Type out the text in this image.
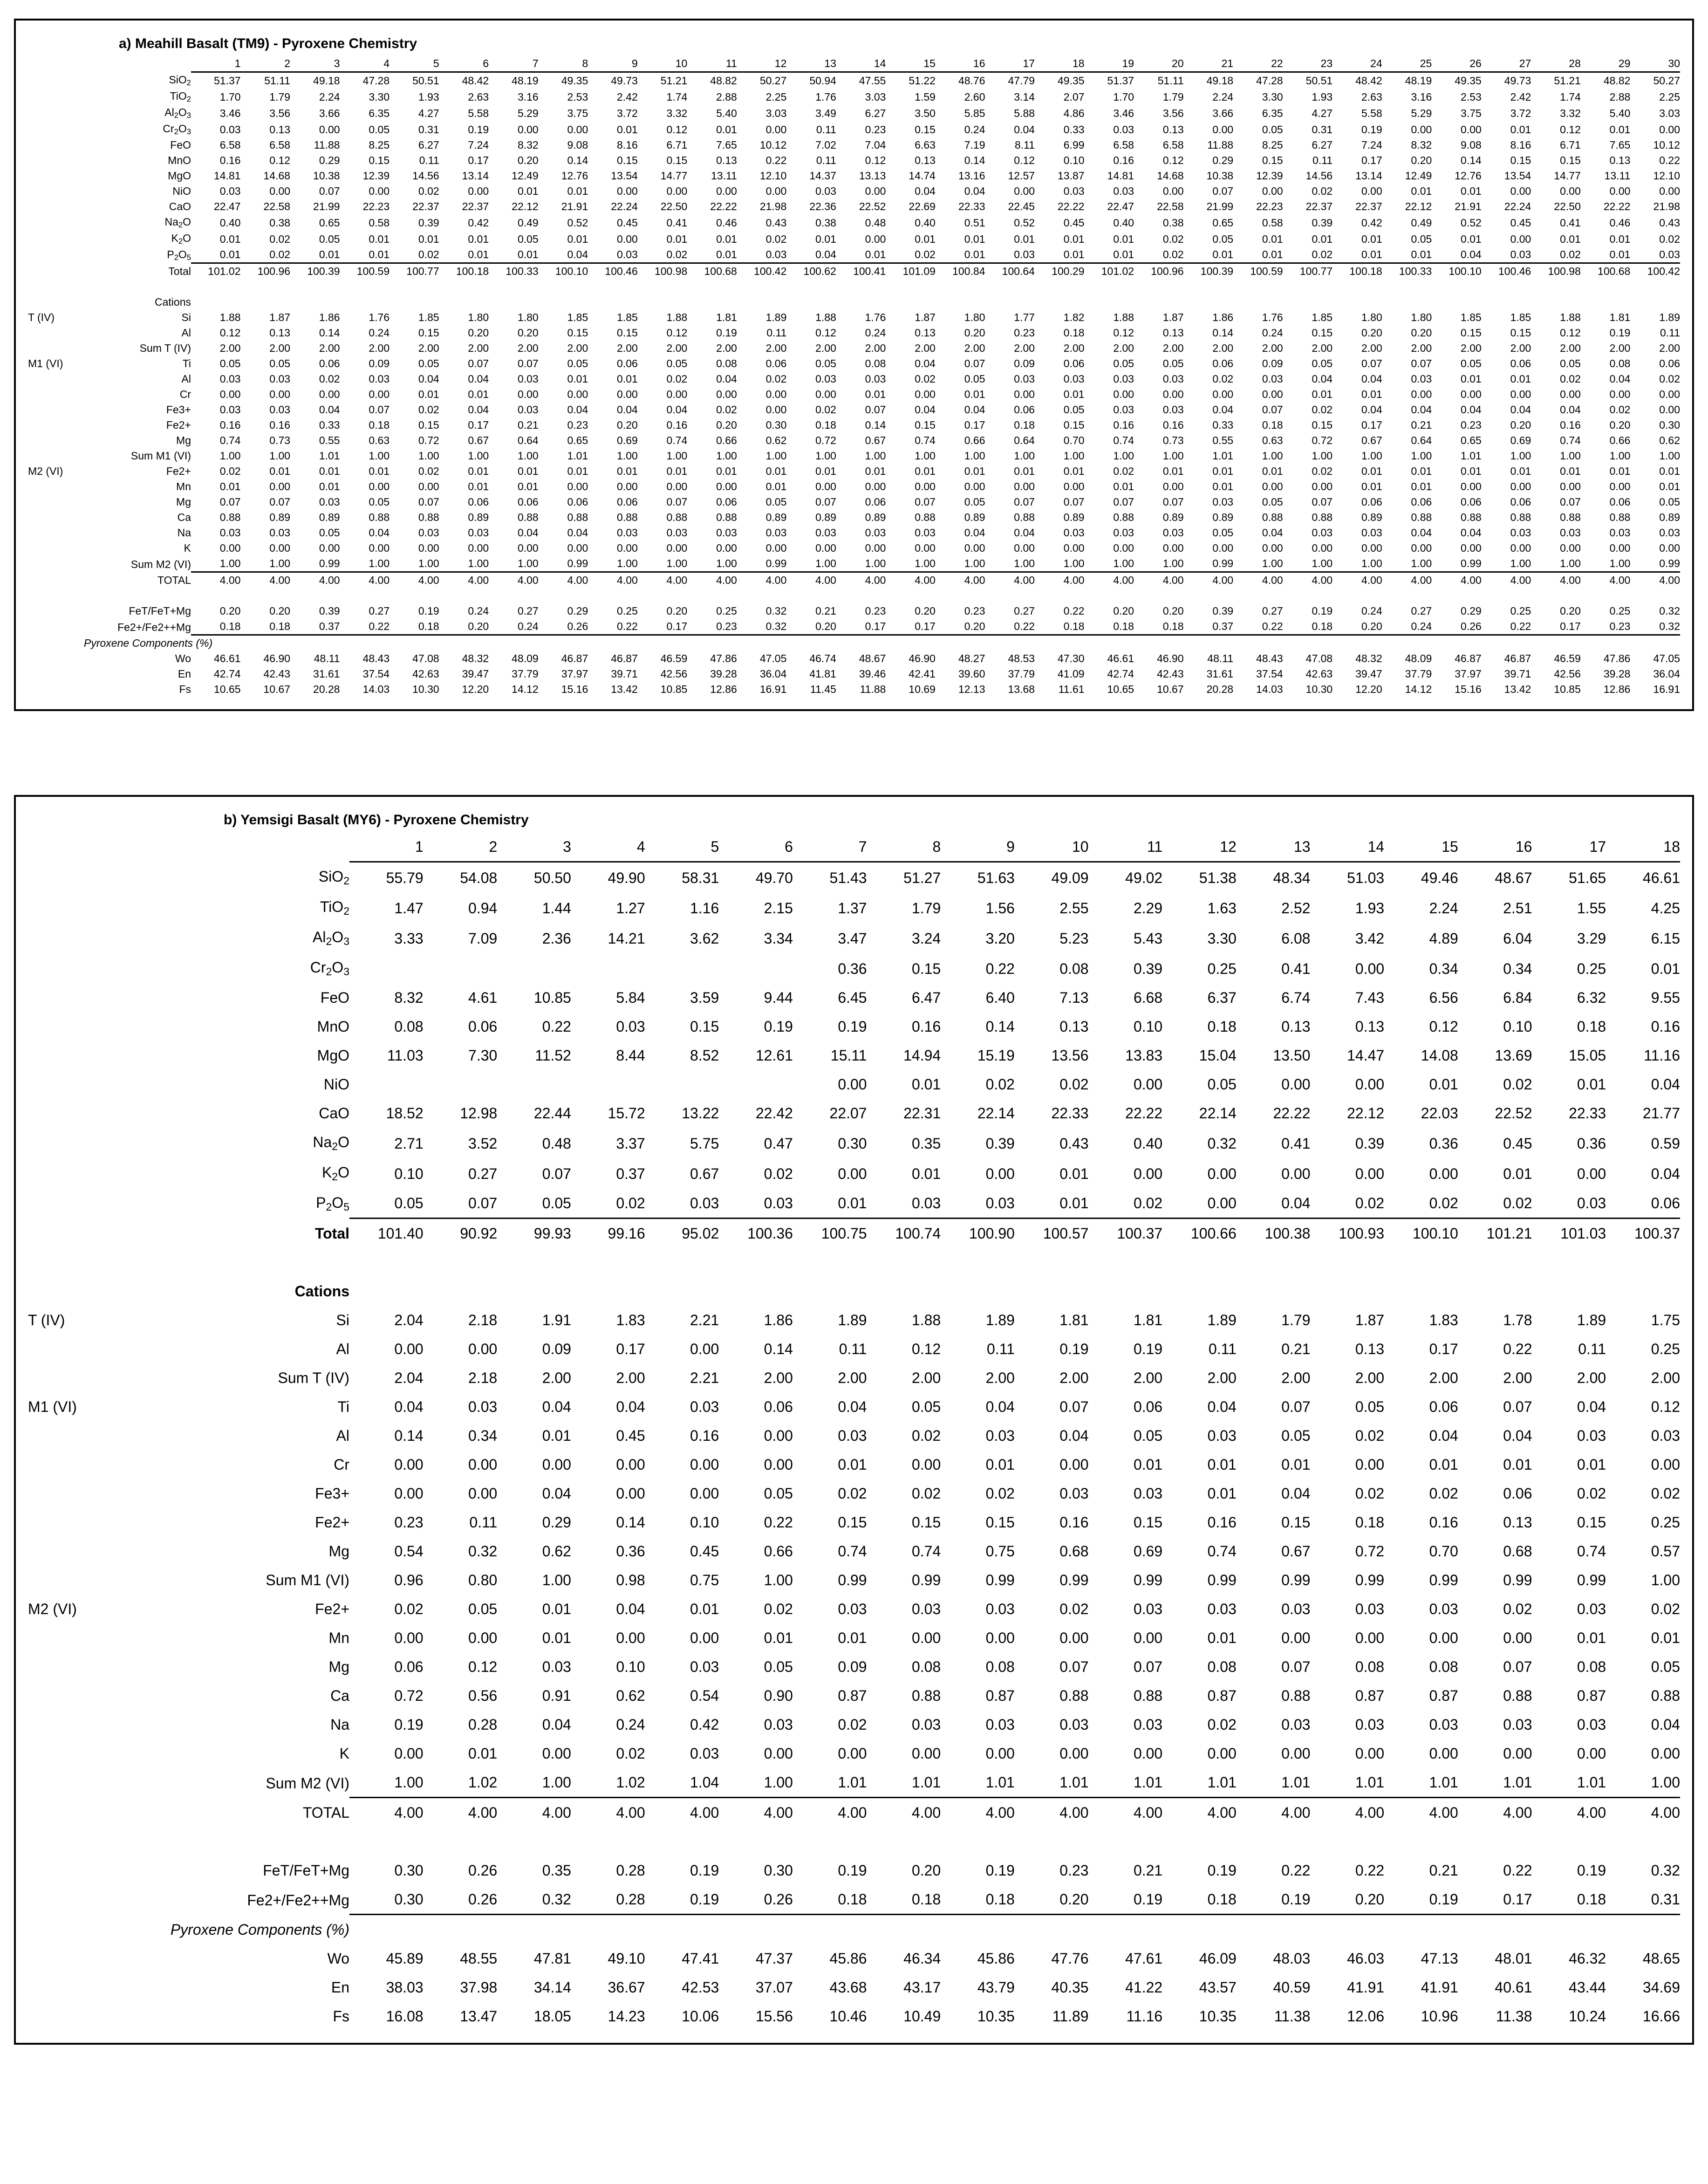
a) Meahill Basalt (TM9) - Pyroxene Chemistry
		1	2	3	4	5	6	7	8	9	10	11	12	13	14	15	16	17	18	19	20	21	22	23	24	25	26	27	28	29	30
	SiO$_2$	51.37	51.11	49.18	47.28	50.51	48.42	48.19	49.35	49.73	51.21	48.82	50.27	50.94	47.55	51.22	48.76	47.79	49.35	51.37	51.11	49.18	47.28	50.51	48.42	48.19	49.35	49.73	51.21	48.82	50.27
	TiO$_2$	1.70	1.79	2.24	3.30	1.93	2.63	3.16	2.53	2.42	1.74	2.88	2.25	1.76	3.03	1.59	2.60	3.14	2.07	1.70	1.79	2.24	3.30	1.93	2.63	3.16	2.53	2.42	1.74	2.88	2.25
	$Al_2O_3$	3.46	3.56	3.66	6.35	4.27	5.58	5.29	3.75	3.72	3.32	5.40	3.03	3.49	6.27	3.50	5.85	5.88	4.86	3.46	3.56	3.66	6.35	4.27	5.58	5.29	3.75	3.72	3.32	5.40	3.03
	$Cr_2O_3$	0.03	0.13	0.00	0.05	0.31	0.19	0.00	0.00	0.01	0.12	0.01	0.00	0.11	0.23	0.15	0.24	0.04	0.33	0.03	0.13	0.00	0.05	0.31	0.19	0.00	0.00	0.01	0.12	0.01	0.00
	FeO	6.58	6.58	11.88	8.25	6.27	7.24	8.32	9.08	8.16	6.71	7.65	10.12	7.02	7.04	6.63	7.19	8.11	6.99	6.58	6.58	11.88	8.25	6.27	7.24	8.32	9.08	8.16	6.71	7.65	10.12
	MnO	0.16	0.12	0.29	0.15	0.11	0.17	0.20	0.14	0.15	0.15	0.13	0.22	0.11	0.12	0.13	0.14	0.12	0.10	0.16	0.12	0.29	0.15	0.11	0.17	0.20	0.14	0.15	0.15	0.13	0.22
	MgO	14.81	14.68	10.38	12.39	14.56	13.14	12.49	12.76	13.54	14.77	13.11	12.10	14.37	13.13	14.74	13.16	12.57	13.87	14.81	14.68	10.38	12.39	14.56	13.14	12.49	12.76	13.54	14.77	13.11	12.10
	NiO	0.03	0.00	0.07	0.00	0.02	0.00	0.01	0.01	0.00	0.00	0.00	0.00	0.03	0.00	0.04	0.04	0.00	0.03	0.03	0.00	0.07	0.00	0.02	0.00	0.01	0.01	0.00	0.00	0.00	0.00
	CaO	22.47	22.58	21.99	22.23	22.37	22.37	22.12	21.91	22.24	22.50	22.22	21.98	22.36	22.52	22.69	22.33	22.45	22.22	22.47	22.58	21.99	22.23	22.37	22.37	22.12	21.91	22.24	22.50	22.22	21.98
	$Na_2O$	0.40	0.38	0.65	0.58	0.39	0.42	0.49	0.52	0.45	0.41	0.46	0.43	0.38	0.48	0.40	0.51	0.52	0.45	0.40	0.38	0.65	0.58	0.39	0.42	0.49	0.52	0.45	0.41	0.46	0.43
	$K_2O$	0.01	0.02	0.05	0.01	0.01	0.01	0.05	0.01	0.00	0.01	0.01	0.02	0.01	0.00	0.01	0.01	0.01	0.01	0.01	0.02	0.05	0.01	0.01	0.01	0.05	0.01	0.00	0.01	0.01	0.02
	$P_2O_5$	0.01	0.02	0.01	0.01	0.02	0.01	0.01	0.04	0.03	0.02	0.01	0.03	0.04	0.01	0.02	0.01	0.03	0.01	0.01	0.02	0.01	0.01	0.02	0.01	0.01	0.04	0.03	0.02	0.01	0.03
	Total	101.02	100.96	100.39	100.59	100.77	100.18	100.33	100.10	100.46	100.98	100.68	100.42	100.62	100.41	101.09	100.84	100.64	100.29	101.02	100.96	100.39	100.59	100.77	100.18	100.33	100.10	100.46	100.98	100.68	100.42

	Cations																														
T (IV)	Si	1.88	1.87	1.86	1.76	1.85	1.80	1.80	1.85	1.85	1.88	1.81	1.89	1.88	1.76	1.87	1.80	1.77	1.82	1.88	1.87	1.86	1.76	1.85	1.80	1.80	1.85	1.85	1.88	1.81	1.89
	Al	0.12	0.13	0.14	0.24	0.15	0.20	0.20	0.15	0.15	0.12	0.19	0.11	0.12	0.24	0.13	0.20	0.23	0.18	0.12	0.13	0.14	0.24	0.15	0.20	0.20	0.15	0.15	0.12	0.19	0.11
	Sum T (IV)	2.00	2.00	2.00	2.00	2.00	2.00	2.00	2.00	2.00	2.00	2.00	2.00	2.00	2.00	2.00	2.00	2.00	2.00	2.00	2.00	2.00	2.00	2.00	2.00	2.00	2.00	2.00	2.00	2.00	2.00
M1 (VI)	Ti	0.05	0.05	0.06	0.09	0.05	0.07	0.07	0.05	0.06	0.05	0.08	0.06	0.05	0.08	0.04	0.07	0.09	0.06	0.05	0.05	0.06	0.09	0.05	0.07	0.07	0.05	0.06	0.05	0.08	0.06
	Al	0.03	0.03	0.02	0.03	0.04	0.04	0.03	0.01	0.01	0.02	0.04	0.02	0.03	0.03	0.02	0.05	0.03	0.03	0.03	0.03	0.02	0.03	0.04	0.04	0.03	0.01	0.01	0.02	0.04	0.02
	Cr	0.00	0.00	0.00	0.00	0.01	0.01	0.00	0.00	0.00	0.00	0.00	0.00	0.00	0.01	0.00	0.01	0.00	0.01	0.00	0.00	0.00	0.00	0.01	0.01	0.00	0.00	0.00	0.00	0.00	0.00
	Fe3+	0.03	0.03	0.04	0.07	0.02	0.04	0.03	0.04	0.04	0.04	0.02	0.00	0.02	0.07	0.04	0.04	0.06	0.05	0.03	0.03	0.04	0.07	0.02	0.04	0.04	0.04	0.04	0.04	0.02	0.00
	Fe2+	0.16	0.16	0.33	0.18	0.15	0.17	0.21	0.23	0.20	0.16	0.20	0.30	0.18	0.14	0.15	0.17	0.18	0.15	0.16	0.16	0.33	0.18	0.15	0.17	0.21	0.23	0.20	0.16	0.20	0.30
	Mg	0.74	0.73	0.55	0.63	0.72	0.67	0.64	0.65	0.69	0.74	0.66	0.62	0.72	0.67	0.74	0.66	0.64	0.70	0.74	0.73	0.55	0.63	0.72	0.67	0.64	0.65	0.69	0.74	0.66	0.62
	Sum M1 (VI)	1.00	1.00	1.01	1.00	1.00	1.00	1.00	1.01	1.00	1.00	1.00	1.00	1.00	1.00	1.00	1.00	1.00	1.00	1.00	1.00	1.01	1.00	1.00	1.00	1.00	1.01	1.00	1.00	1.00	1.00
M2 (VI)	Fe2+	0.02	0.01	0.01	0.01	0.02	0.01	0.01	0.01	0.01	0.01	0.01	0.01	0.01	0.01	0.01	0.01	0.01	0.01	0.02	0.01	0.01	0.01	0.02	0.01	0.01	0.01	0.01	0.01	0.01	0.01
	Mn	0.01	0.00	0.01	0.00	0.00	0.01	0.01	0.00	0.00	0.00	0.00	0.01	0.00	0.00	0.00	0.00	0.00	0.00	0.01	0.00	0.01	0.00	0.00	0.01	0.01	0.00	0.00	0.00	0.00	0.01
	Mg	0.07	0.07	0.03	0.05	0.07	0.06	0.06	0.06	0.06	0.07	0.06	0.05	0.07	0.06	0.07	0.05	0.07	0.07	0.07	0.07	0.03	0.05	0.07	0.06	0.06	0.06	0.06	0.07	0.06	0.05
	Ca	0.88	0.89	0.89	0.88	0.88	0.89	0.88	0.88	0.88	0.88	0.88	0.89	0.89	0.89	0.88	0.89	0.88	0.89	0.88	0.89	0.89	0.88	0.88	0.89	0.88	0.88	0.88	0.88	0.88	0.89
	Na	0.03	0.03	0.05	0.04	0.03	0.03	0.04	0.04	0.03	0.03	0.03	0.03	0.03	0.03	0.03	0.04	0.04	0.03	0.03	0.03	0.05	0.04	0.03	0.03	0.04	0.04	0.03	0.03	0.03	0.03
	K	0.00	0.00	0.00	0.00	0.00	0.00	0.00	0.00	0.00	0.00	0.00	0.00	0.00	0.00	0.00	0.00	0.00	0.00	0.00	0.00	0.00	0.00	0.00	0.00	0.00	0.00	0.00	0.00	0.00	0.00
	Sum M2 (VI)	1.00	1.00	0.99	1.00	1.00	1.00	1.00	0.99	1.00	1.00	1.00	0.99	1.00	1.00	1.00	1.00	1.00	1.00	1.00	1.00	0.99	1.00	1.00	1.00	1.00	0.99	1.00	1.00	1.00	0.99
	TOTAL	4.00	4.00	4.00	4.00	4.00	4.00	4.00	4.00	4.00	4.00	4.00	4.00	4.00	4.00	4.00	4.00	4.00	4.00	4.00	4.00	4.00	4.00	4.00	4.00	4.00	4.00	4.00	4.00	4.00	4.00

	FeT/FeT+Mg	0.20	0.20	0.39	0.27	0.19	0.24	0.27	0.29	0.25	0.20	0.25	0.32	0.21	0.23	0.20	0.23	0.27	0.22	0.20	0.20	0.39	0.27	0.19	0.24	0.27	0.29	0.25	0.20	0.25	0.32
	Fe2+/Fe2++Mg	0.18	0.18	0.37	0.22	0.18	0.20	0.24	0.26	0.22	0.17	0.23	0.32	0.20	0.17	0.17	0.20	0.22	0.18	0.18	0.18	0.37	0.22	0.18	0.20	0.24	0.26	0.22	0.17	0.23	0.32
	Pyroxene Components (%)																														
	Wo	46.61	46.90	48.11	48.43	47.08	48.32	48.09	46.87	46.87	46.59	47.86	47.05	46.74	48.67	46.90	48.27	48.53	47.30	46.61	46.90	48.11	48.43	47.08	48.32	48.09	46.87	46.87	46.59	47.86	47.05
	En	42.74	42.43	31.61	37.54	42.63	39.47	37.79	37.97	39.71	42.56	39.28	36.04	41.81	39.46	42.41	39.60	37.79	41.09	42.74	42.43	31.61	37.54	42.63	39.47	37.79	37.97	39.71	42.56	39.28	36.04
	Fs	10.65	10.67	20.28	14.03	10.30	12.20	14.12	15.16	13.42	10.85	12.86	16.91	11.45	11.88	10.69	12.13	13.68	11.61	10.65	10.67	20.28	14.03	10.30	12.20	14.12	15.16	13.42	10.85	12.86	16.91
b) Yemsigi Basalt (MY6) - Pyroxene Chemistry
		1	2	3	4	5	6	7	8	9	10	11	12	13	14	15	16	17	18
	SiO$_2$	55.79	54.08	50.50	49.90	58.31	49.70	51.43	51.27	51.63	49.09	49.02	51.38	48.34	51.03	49.46	48.67	51.65	46.61
	TiO$_2$	1.47	0.94	1.44	1.27	1.16	2.15	1.37	1.79	1.56	2.55	2.29	1.63	2.52	1.93	2.24	2.51	1.55	4.25
	$Al_2O_3$	3.33	7.09	2.36	14.21	3.62	3.34	3.47	3.24	3.20	5.23	5.43	3.30	6.08	3.42	4.89	6.04	3.29	6.15
	$Cr_2O_3$							0.36	0.15	0.22	0.08	0.39	0.25	0.41	0.00	0.34	0.34	0.25	0.01
	FeO	8.32	4.61	10.85	5.84	3.59	9.44	6.45	6.47	6.40	7.13	6.68	6.37	6.74	7.43	6.56	6.84	6.32	9.55
	MnO	0.08	0.06	0.22	0.03	0.15	0.19	0.19	0.16	0.14	0.13	0.10	0.18	0.13	0.13	0.12	0.10	0.18	0.16
	MgO	11.03	7.30	11.52	8.44	8.52	12.61	15.11	14.94	15.19	13.56	13.83	15.04	13.50	14.47	14.08	13.69	15.05	11.16
	NiO							0.00	0.01	0.02	0.02	0.00	0.05	0.00	0.00	0.01	0.02	0.01	0.04
	CaO	18.52	12.98	22.44	15.72	13.22	22.42	22.07	22.31	22.14	22.33	22.22	22.14	22.22	22.12	22.03	22.52	22.33	21.77
	$Na_2O$	2.71	3.52	0.48	3.37	5.75	0.47	0.30	0.35	0.39	0.43	0.40	0.32	0.41	0.39	0.36	0.45	0.36	0.59
	$K_2O$	0.10	0.27	0.07	0.37	0.67	0.02	0.00	0.01	0.00	0.01	0.00	0.00	0.00	0.00	0.00	0.01	0.00	0.04
	$P_2O_5$	0.05	0.07	0.05	0.02	0.03	0.03	0.01	0.03	0.03	0.01	0.02	0.00	0.04	0.02	0.02	0.02	0.03	0.06
	Total	101.40	90.92	99.93	99.16	95.02	100.36	100.75	100.74	100.90	100.57	100.37	100.66	100.38	100.93	100.10	101.21	101.03	100.37

	Cations																		
T (IV)	Si	2.04	2.18	1.91	1.83	2.21	1.86	1.89	1.88	1.89	1.81	1.81	1.89	1.79	1.87	1.83	1.78	1.89	1.75
	Al	0.00	0.00	0.09	0.17	0.00	0.14	0.11	0.12	0.11	0.19	0.19	0.11	0.21	0.13	0.17	0.22	0.11	0.25
	Sum T (IV)	2.04	2.18	2.00	2.00	2.21	2.00	2.00	2.00	2.00	2.00	2.00	2.00	2.00	2.00	2.00	2.00	2.00	2.00
M1 (VI)	Ti	0.04	0.03	0.04	0.04	0.03	0.06	0.04	0.05	0.04	0.07	0.06	0.04	0.07	0.05	0.06	0.07	0.04	0.12
	Al	0.14	0.34	0.01	0.45	0.16	0.00	0.03	0.02	0.03	0.04	0.05	0.03	0.05	0.02	0.04	0.04	0.03	0.03
	Cr	0.00	0.00	0.00	0.00	0.00	0.00	0.01	0.00	0.01	0.00	0.01	0.01	0.01	0.00	0.01	0.01	0.01	0.00
	Fe3+	0.00	0.00	0.04	0.00	0.00	0.05	0.02	0.02	0.02	0.03	0.03	0.01	0.04	0.02	0.02	0.06	0.02	0.02
	Fe2+	0.23	0.11	0.29	0.14	0.10	0.22	0.15	0.15	0.15	0.16	0.15	0.16	0.15	0.18	0.16	0.13	0.15	0.25
	Mg	0.54	0.32	0.62	0.36	0.45	0.66	0.74	0.74	0.75	0.68	0.69	0.74	0.67	0.72	0.70	0.68	0.74	0.57
	Sum M1 (VI)	0.96	0.80	1.00	0.98	0.75	1.00	0.99	0.99	0.99	0.99	0.99	0.99	0.99	0.99	0.99	0.99	0.99	1.00
M2 (VI)	Fe2+	0.02	0.05	0.01	0.04	0.01	0.02	0.03	0.03	0.03	0.02	0.03	0.03	0.03	0.03	0.03	0.02	0.03	0.02
	Mn	0.00	0.00	0.01	0.00	0.00	0.01	0.01	0.00	0.00	0.00	0.00	0.01	0.00	0.00	0.00	0.00	0.01	0.01
	Mg	0.06	0.12	0.03	0.10	0.03	0.05	0.09	0.08	0.08	0.07	0.07	0.08	0.07	0.08	0.08	0.07	0.08	0.05
	Ca	0.72	0.56	0.91	0.62	0.54	0.90	0.87	0.88	0.87	0.88	0.88	0.87	0.88	0.87	0.87	0.88	0.87	0.88
	Na	0.19	0.28	0.04	0.24	0.42	0.03	0.02	0.03	0.03	0.03	0.03	0.02	0.03	0.03	0.03	0.03	0.03	0.04
	K	0.00	0.01	0.00	0.02	0.03	0.00	0.00	0.00	0.00	0.00	0.00	0.00	0.00	0.00	0.00	0.00	0.00	0.00
	Sum M2 (VI)	1.00	1.02	1.00	1.02	1.04	1.00	1.01	1.01	1.01	1.01	1.01	1.01	1.01	1.01	1.01	1.01	1.01	1.00
	TOTAL	4.00	4.00	4.00	4.00	4.00	4.00	4.00	4.00	4.00	4.00	4.00	4.00	4.00	4.00	4.00	4.00	4.00	4.00

	FeT/FeT+Mg	0.30	0.26	0.35	0.28	0.19	0.30	0.19	0.20	0.19	0.23	0.21	0.19	0.22	0.22	0.21	0.22	0.19	0.32
	Fe2+/Fe2++Mg	0.30	0.26	0.32	0.28	0.19	0.26	0.18	0.18	0.18	0.20	0.19	0.18	0.19	0.20	0.19	0.17	0.18	0.31
	Pyroxene Components (%)																		
	Wo	45.89	48.55	47.81	49.10	47.41	47.37	45.86	46.34	45.86	47.76	47.61	46.09	48.03	46.03	47.13	48.01	46.32	48.65
	En	38.03	37.98	34.14	36.67	42.53	37.07	43.68	43.17	43.79	40.35	41.22	43.57	40.59	41.91	41.91	40.61	43.44	34.69
	Fs	16.08	13.47	18.05	14.23	10.06	15.56	10.46	10.49	10.35	11.89	11.16	10.35	11.38	12.06	10.96	11.38	10.24	16.66
